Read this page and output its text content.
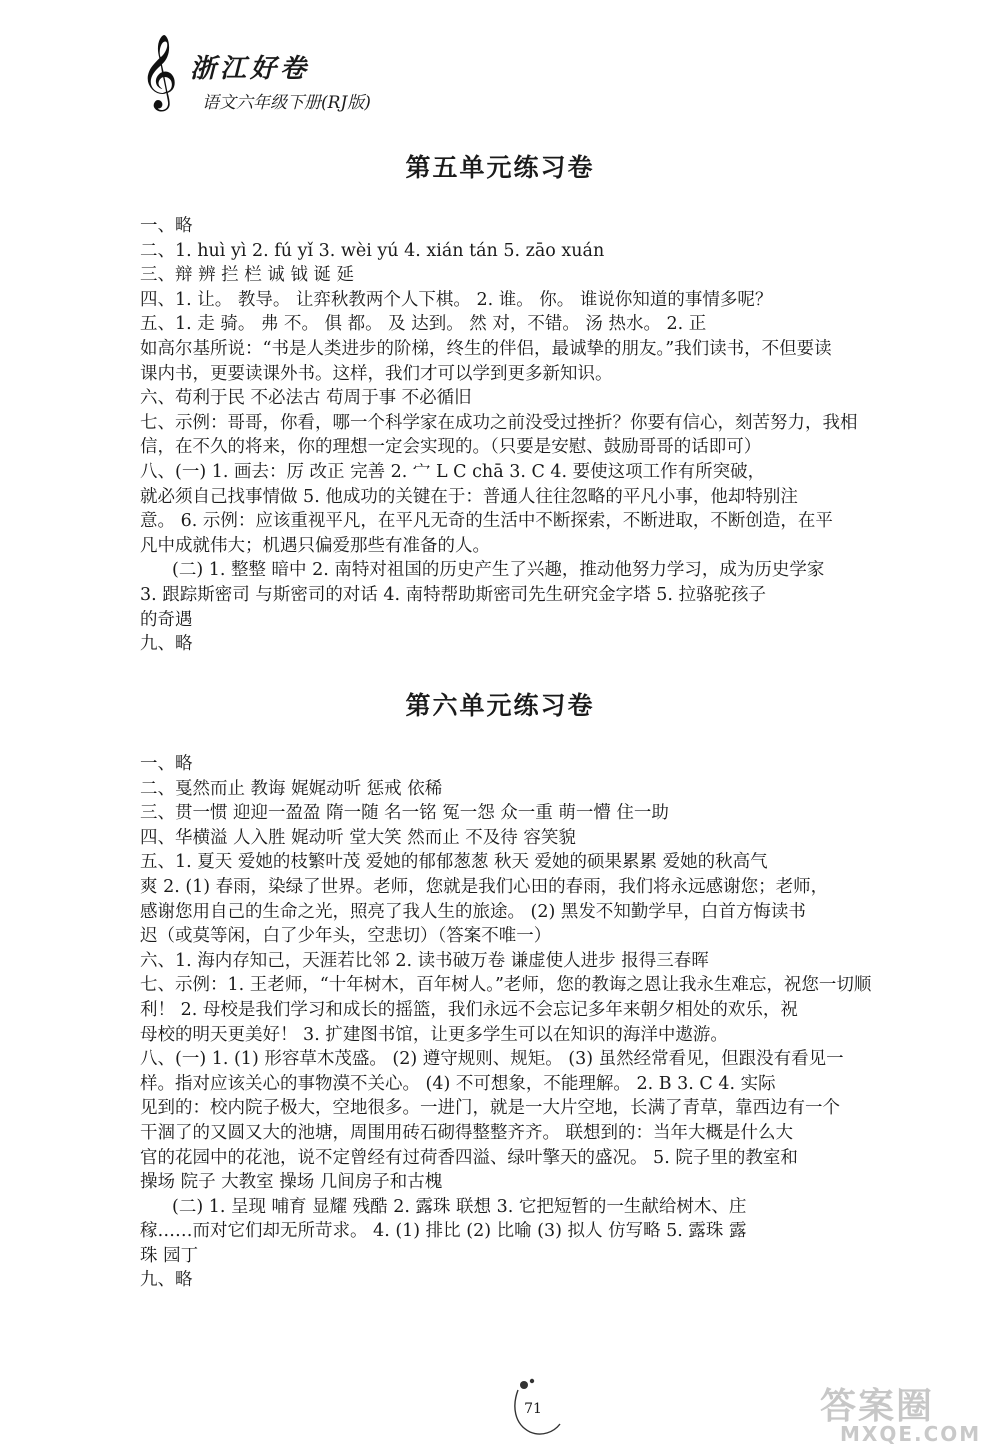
𝄞 浙江好卷
语文六年级下册(RJ版)
第五单元练习卷
一、略
二、1. huì yì 2. fú yǐ 3. wèi yú 4. xián tán 5. zāo xuán
三、辩 辨 拦 栏 诚 钺 诞 延
四、1. 让。 教导。 让弈秋教两个人下棋。 2. 谁。 你。 谁说你知道的事情多呢？
五、1. 走 骑。 弗 不。 俱 都。 及 达到。 然 对，不错。 汤 热水。 2. 正
如高尔基所说：“书是人类进步的阶梯，终生的伴侣，最诚挚的朋友。”我们读书，不但要读
课内书，更要读课外书。这样，我们才可以学到更多新知识。
六、苟利于民 不必法古 苟周于事 不必循旧
七、示例：哥哥，你看，哪一个科学家在成功之前没受过挫折？你要有信心，刻苦努力，我相
信，在不久的将来，你的理想一定会实现的。（只要是安慰、鼓励哥哥的话即可）
八、(一) 1. 画去：厉 改正 完善 2. 宀 L C chā 3. C 4. 要使这项工作有所突破，
就必须自己找事情做 5. 他成功的关键在于：普通人往往忽略的平凡小事，他却特别注
意。 6. 示例：应该重视平凡，在平凡无奇的生活中不断探索，不断进取，不断创造，在平
凡中成就伟大；机遇只偏爱那些有准备的人。
(二) 1. 整整 暗中 2. 南特对祖国的历史产生了兴趣，推动他努力学习，成为历史学家
3. 跟踪斯密司 与斯密司的对话 4. 南特帮助斯密司先生研究金字塔 5. 拉骆驼孩子
的奇遇
九、略
第六单元练习卷
一、略
二、戛然而止 教诲 娓娓动听 惩戒 依稀
三、贯一惯 迎迎一盈盈 隋一随 名一铭 冤一怨 众一重 萌一懵 住一助
四、华横溢 人入胜 娓动听 堂大笑 然而止 不及待 容笑貌
五、1. 夏天 爱她的枝繁叶茂 爱她的郁郁葱葱 秋天 爱她的硕果累累 爱她的秋高气
爽 2. (1) 春雨，染绿了世界。老师，您就是我们心田的春雨，我们将永远感谢您；老师，
感谢您用自己的生命之光，照亮了我人生的旅途。 (2) 黑发不知勤学早，白首方悔读书
迟（或莫等闲，白了少年头，空悲切）（答案不唯一）
六、1. 海内存知己，天涯若比邻 2. 读书破万卷 谦虚使人进步 报得三春晖
七、示例：1. 王老师，“十年树木，百年树人。”老师，您的教诲之恩让我永生难忘，祝您一切顺
利！ 2. 母校是我们学习和成长的摇篮，我们永远不会忘记多年来朝夕相处的欢乐，祝
母校的明天更美好！ 3. 扩建图书馆，让更多学生可以在知识的海洋中遨游。
八、(一) 1. (1) 形容草木茂盛。 (2) 遵守规则、规矩。 (3) 虽然经常看见，但跟没有看见一
样。指对应该关心的事物漠不关心。 (4) 不可想象，不能理解。 2. B 3. C 4. 实际
见到的：校内院子极大，空地很多。一进门，就是一大片空地，长满了青草，靠西边有一个
干涸了的又圆又大的池塘，周围用砖石砌得整整齐齐。 联想到的：当年大概是什么大
官的花园中的花池，说不定曾经有过荷香四溢、绿叶擎天的盛况。 5. 院子里的教室和
操场 院子 大教室 操场 几间房子和古槐
(二) 1. 呈现 哺育 显耀 残酷 2. 露珠 联想 3. 它把短暂的一生献给树木、庄
稼……而对它们却无所苛求。 4. (1) 排比 (2) 比喻 (3) 拟人 仿写略 5. 露珠 露
珠 园丁
九、略
71	答案圈
MXQE.COM
